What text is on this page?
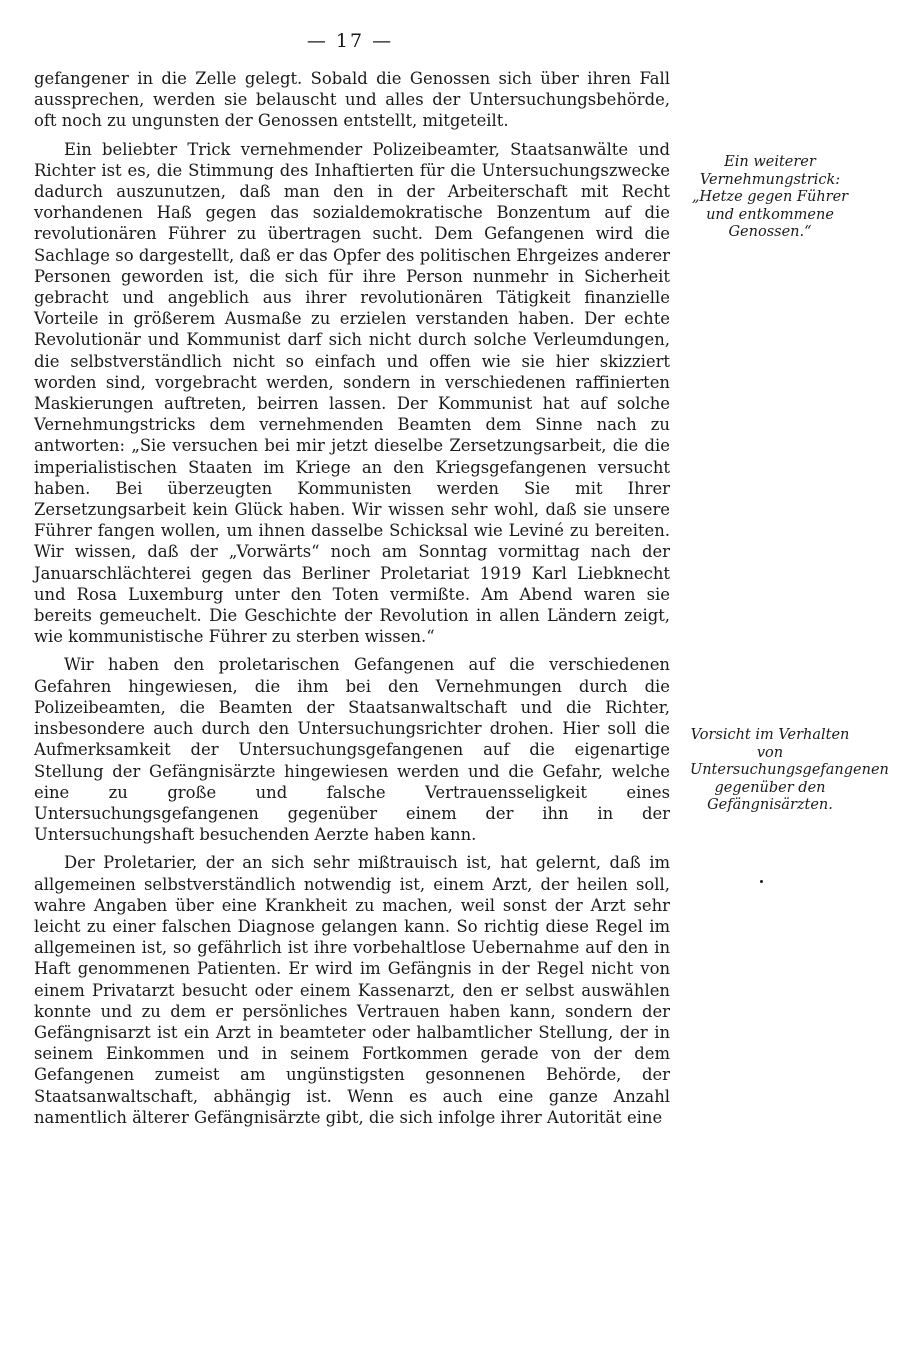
— 17 —

gefangener in die Zelle gelegt. Sobald die Genossen sich über ihren Fall aussprechen, werden sie belauscht und alles der Untersuchungsbehörde, oft noch zu ungunsten der Genossen entstellt, mitgeteilt.

Ein beliebter Trick vernehmender Polizeibeamter, Staatsanwälte und Richter ist es, die Stimmung des Inhaftierten für die Untersuchungszwecke dadurch auszunutzen, daß man den in der Arbeiterschaft mit Recht vorhandenen Haß gegen das sozialdemokratische Bonzentum auf die revolutionären Führer zu übertragen sucht. Dem Gefangenen wird die Sachlage so dargestellt, daß er das Opfer des politischen Ehrgeizes anderer Personen geworden ist, die sich für ihre Person nunmehr in Sicherheit gebracht und angeblich aus ihrer revolutionären Tätigkeit finanzielle Vorteile in größerem Ausmaße zu erzielen verstanden haben. Der echte Revolutionär und Kommunist darf sich nicht durch solche Verleumdungen, die selbstverständlich nicht so einfach und offen wie sie hier skizziert worden sind, vorgebracht werden, sondern in verschiedenen raffinierten Maskierungen auftreten, beirren lassen. Der Kommunist hat auf solche Vernehmungstricks dem vernehmenden Beamten dem Sinne nach zu antworten: „Sie versuchen bei mir jetzt dieselbe Zersetzungsarbeit, die die imperialistischen Staaten im Kriege an den Kriegsgefangenen versucht haben. Bei überzeugten Kommunisten werden Sie mit Ihrer Zersetzungsarbeit kein Glück haben. Wir wissen sehr wohl, daß sie unsere Führer fangen wollen, um ihnen dasselbe Schicksal wie Leviné zu bereiten. Wir wissen, daß der „Vorwärts“ noch am Sonntag vormittag nach der Januarschlächterei gegen das Berliner Proletariat 1919 Karl Liebknecht und Rosa Luxemburg unter den Toten vermißte. Am Abend waren sie bereits gemeuchelt. Die Geschichte der Revolution in allen Ländern zeigt, wie kommunistische Führer zu sterben wissen.“

Wir haben den proletarischen Gefangenen auf die verschiedenen Gefahren hingewiesen, die ihm bei den Vernehmungen durch die Polizeibeamten, die Beamten der Staatsanwaltschaft und die Richter, insbesondere auch durch den Untersuchungsrichter drohen. Hier soll die Aufmerksamkeit der Untersuchungsgefangenen auf die eigenartige Stellung der Gefängnisärzte hingewiesen werden und die Gefahr, welche eine zu große und falsche Vertrauensseligkeit eines Untersuchungsgefangenen gegenüber einem der ihn in der Untersuchungshaft besuchenden Aerzte haben kann.

Der Proletarier, der an sich sehr mißtrauisch ist, hat gelernt, daß im allgemeinen selbstverständlich notwendig ist, einem Arzt, der heilen soll, wahre Angaben über eine Krankheit zu machen, weil sonst der Arzt sehr leicht zu einer falschen Diagnose gelangen kann. So richtig diese Regel im allgemeinen ist, so gefährlich ist ihre vorbehaltlose Uebernahme auf den in Haft genommenen Patienten. Er wird im Gefängnis in der Regel nicht von einem Privatarzt besucht oder einem Kassenarzt, den er selbst auswählen konnte und zu dem er persönliches Vertrauen haben kann, sondern der Gefängnisarzt ist ein Arzt in beamteter oder halbamtlicher Stellung, der in seinem Einkommen und in seinem Fortkommen gerade von der dem Gefangenen zumeist am ungünstigsten gesonnenen Behörde, der Staatsanwaltschaft, abhängig ist. Wenn es auch eine ganze Anzahl namentlich älterer Gefängnisärzte gibt, die sich infolge ihrer Autorität eine

Ein weiterer Vernehmungstrick: „Hetze gegen Führer und entkommene Genossen.“
Vorsicht im Verhalten von Untersuchungsgefangenen gegenüber den Gefängnisärzten.
